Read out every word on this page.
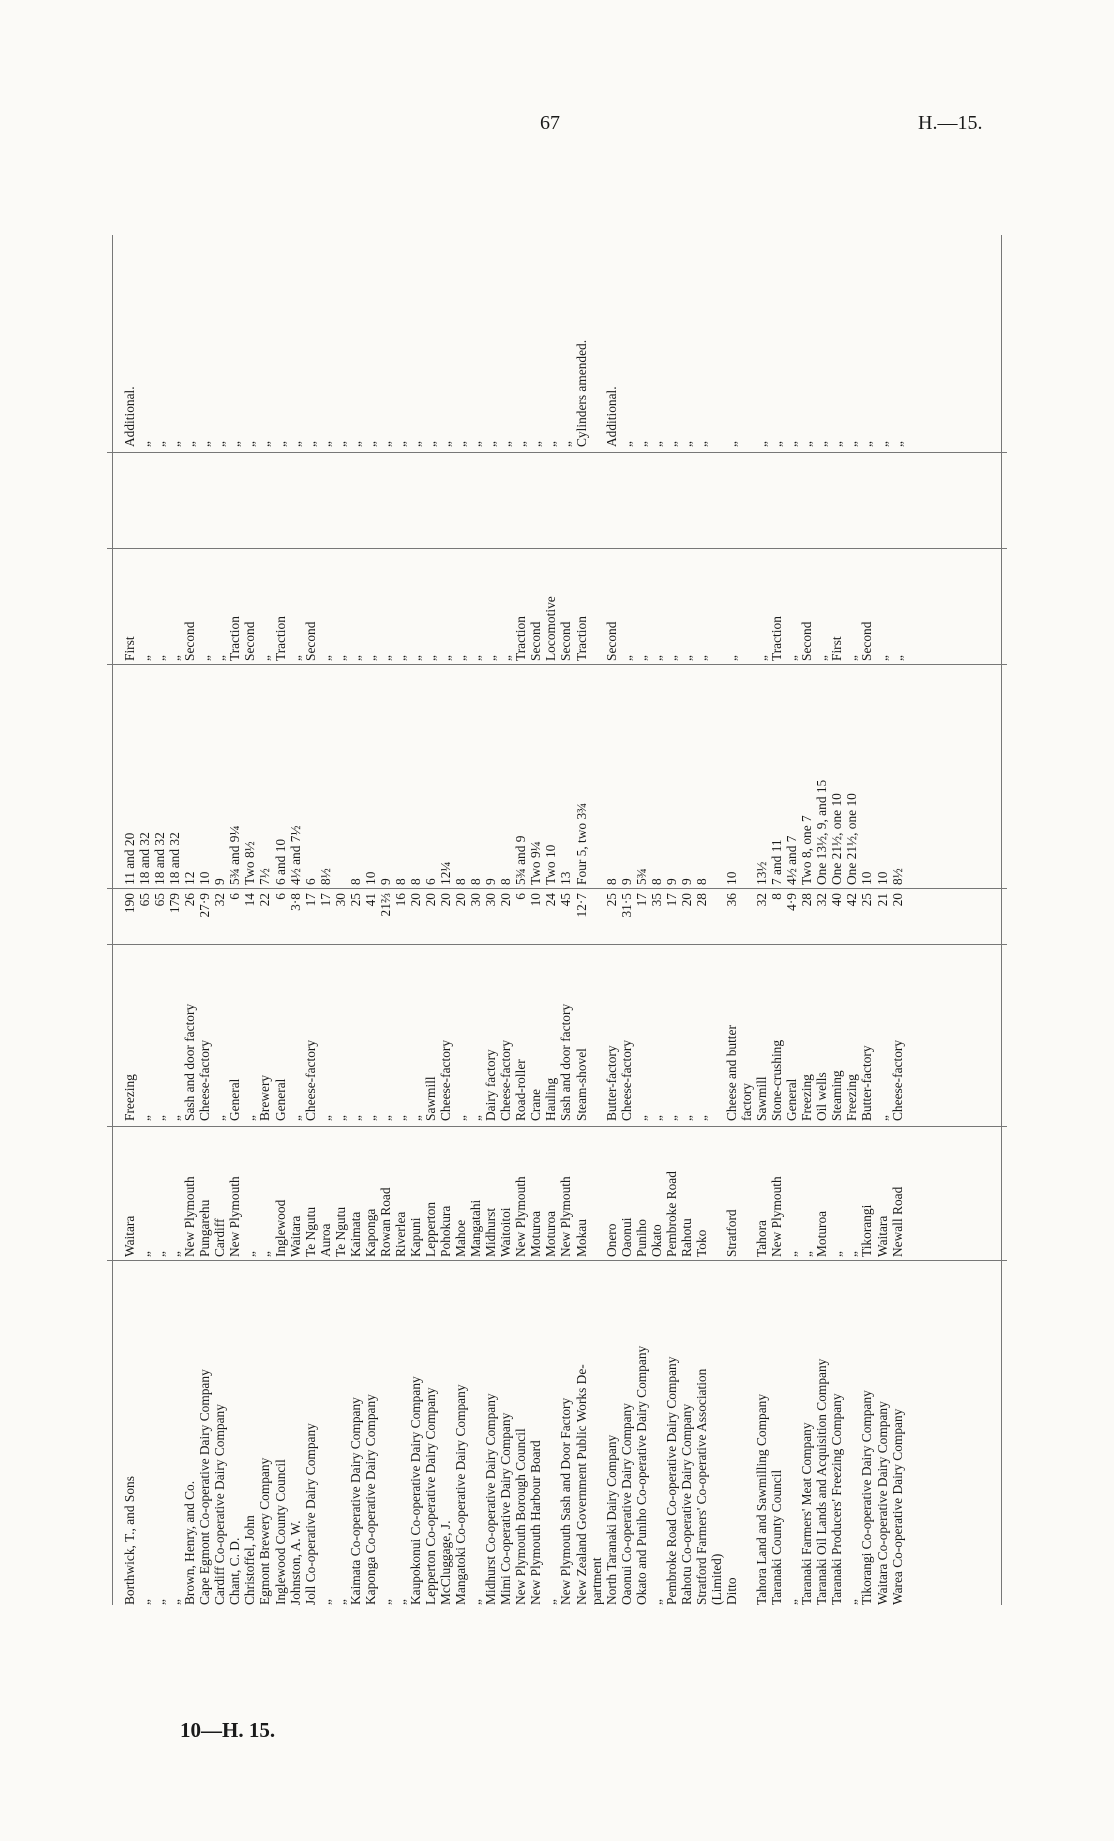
67	H.—15.
Borthwick, T., and Sons
Waitara
Freezing
190
11 and 20
First
Additional.
„
„
„
65
18 and 32
„
„
„
„
„
65
18 and 32
„
„
„
„
„
179
18 and 32
„
„
Brown, Henry, and Co.
New Plymouth
Sash and door factory
26
12
Second
„
Cape Egmont Co-operative Dairy Company
Pungarehu
Cheese-factory
27·9
10
„
„
Cardiff Co-operative Dairy Company
Cardiff
„
32
9
„
„
Chant, C. D.
New Plymouth
General
6
5¾ and 9¼
Traction
„
Christoffel, John
„
„
14
Two 8½
Second
„
Egmont Brewery Company
„
Brewery
22
7½
„
„
Inglewood County Council
Inglewood
General
6
6 and 10
Traction
„
Johnston, A. W.
Waitara
„
3·8
4½ and 7½
„
„
Joll Co-operative Dairy Company
Te Ngutu
Cheese-factory
17
6
Second
„
„
Auroa
„
17
8½
„
„
„
Te Ngutu
„
30
„
„
Kaimata Co-operative Dairy Company
Kaimata
„
25
8
„
„
Kaponga Co-operative Dairy Company
Kaponga
„
41
10
„
„
„
Rowan Road
„
21⅔
9
„
„
„
Riverlea
„
16
8
„
„
Kaupokonui Co-operative Dairy Company
Kapuni
„
20
8
„
„
Lepperton Co-operative Dairy Company
Lepperton
Sawmill
20
6
„
„
McCluggage, J.
Pohokura
Cheese-factory
20
12¼
„
„
Mangatoki Co-operative Dairy Company
Mahoe
„
20
8
„
„
„
Mangatahi
„
30
8
„
„
Midhurst Co-operative Dairy Company
Midhurst
Dairy factory
30
9
„
„
Mimi Co-operative Dairy Company
Waitoitoi
Cheese-factory
20
8
„
„
New Plymouth Borough Council
New Plymouth
Road-roller
6
5¾ and 9
Traction
„
New Plymouth Harbour Board
Moturoa
Crane
10
Two 9¼
Second
„
„
Moturoa
Hauling
24
Two 10
Locomotive
„
New Plymouth Sash and Door Factory
New Plymouth
Sash and door factory
45
13
Second
„
New Zealand Government Public Works De-
Mokau
Steam-shovel
12·7
Four 5, two 3¾
Traction
Cylinders amended.
partment North Taranaki Dairy Company
Onero
Butter-factory
25
8
Second
Additional.
Oaonui Co-operative Dairy Company
Oaonui
Cheese-factory
31·5
9
„
„
Okato and Puniho Co-operative Dairy Company
Puniho
„
17
5¾
„
„
„
Okato
„
35
8
„
„
Pembroke Road Co-operative Dairy Company
Pembroke Road
„
17
9
„
„
Rahotu Co-operative Dairy Company
Rahotu
„
20
9
„
„
Stratford Farmers' Co-operative Association
Toko
„
28
8
„
„
(Limited) Ditto
Stratford
Cheese and butter
36
10
„
„
factory
Tahora Land and Sawmilling Company
Tahora
Sawmill
32
13½
„
„
Taranaki County Council
New Plymouth
Stone-crushing
8
7 and 11
Traction
„
„
„
General
4·9
4½ and 7
„
„
Taranaki Farmers' Meat Company
„
Freezing
28
Two 8, one 7
Second
„
Taranaki Oil Lands and Acquisition Company
Moturoa
Oil wells
32
One 13½, 9, and 15
„
„
Taranaki Producers' Freezing Company
„
Steaming
40
One 21½, one 10
First
„
„
„
Freezing
42
One 21½, one 10
„
„
Tikorangi Co-operative Dairy Company
Tikorangi
Butter-factory
25
10
Second
„
Waitara Co-operative Dairy Company
Waitara
„
21
10
„
„
Warea Co-operative Dairy Company
Newall Road
Cheese-factory
20
8½
„
„
10—H. 15.
